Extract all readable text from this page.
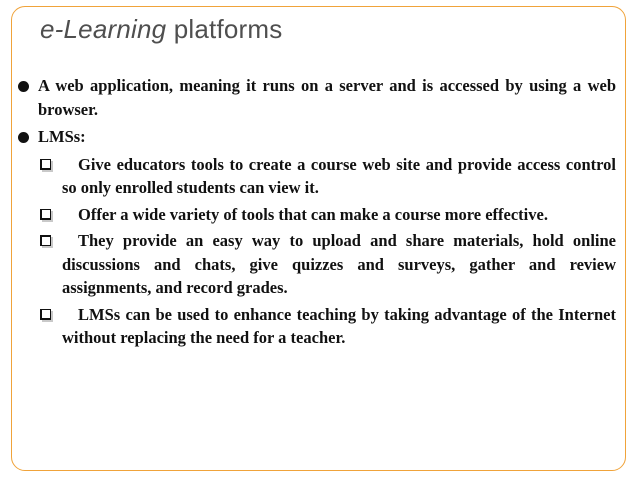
e-Learning platforms
A web application, meaning it runs on a server and is accessed by using a web browser.
LMSs:
Give educators tools to create a course web site and provide access control so only enrolled students can view it.
Offer a wide variety of tools that can make a course more effective.
They provide an easy way to upload and share materials, hold online discussions and chats, give quizzes and surveys, gather and review assignments, and record grades.
LMSs can be used to enhance teaching by taking advantage of the Internet without replacing the need for a teacher.
